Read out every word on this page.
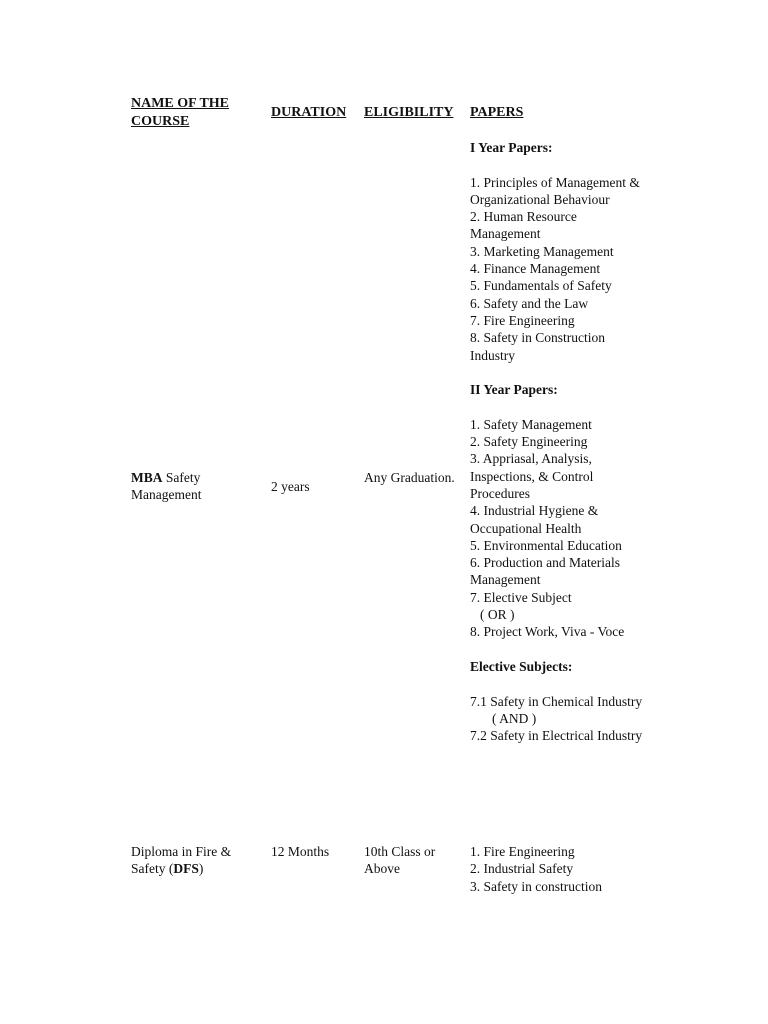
NAME OF THE COURSE
DURATION ELIGIBILITY PAPERS
MBA Safety Management
2 years
Any Graduation.
I Year Papers:
1. Principles of Management & Organizational Behaviour
2. Human Resource Management
3. Marketing Management
4. Finance Management
5. Fundamentals of Safety
6. Safety and the Law
7. Fire Engineering
8. Safety in Construction Industry
II Year Papers:
1. Safety Management
2. Safety Engineering
3. Appriasal, Analysis, Inspections, & Control Procedures
4. Industrial Hygiene & Occupational Health
5. Environmental Education
6. Production and Materials Management
7. Elective Subject
( OR )
8. Project Work, Viva - Voce
Elective Subjects:
7.1 Safety in Chemical Industry
( AND )
7.2 Safety in Electrical Industry
Diploma in Fire & Safety (DFS)
12 Months	10th Class or Above
1. Fire Engineering
2. Industrial Safety
3. Safety in construction
